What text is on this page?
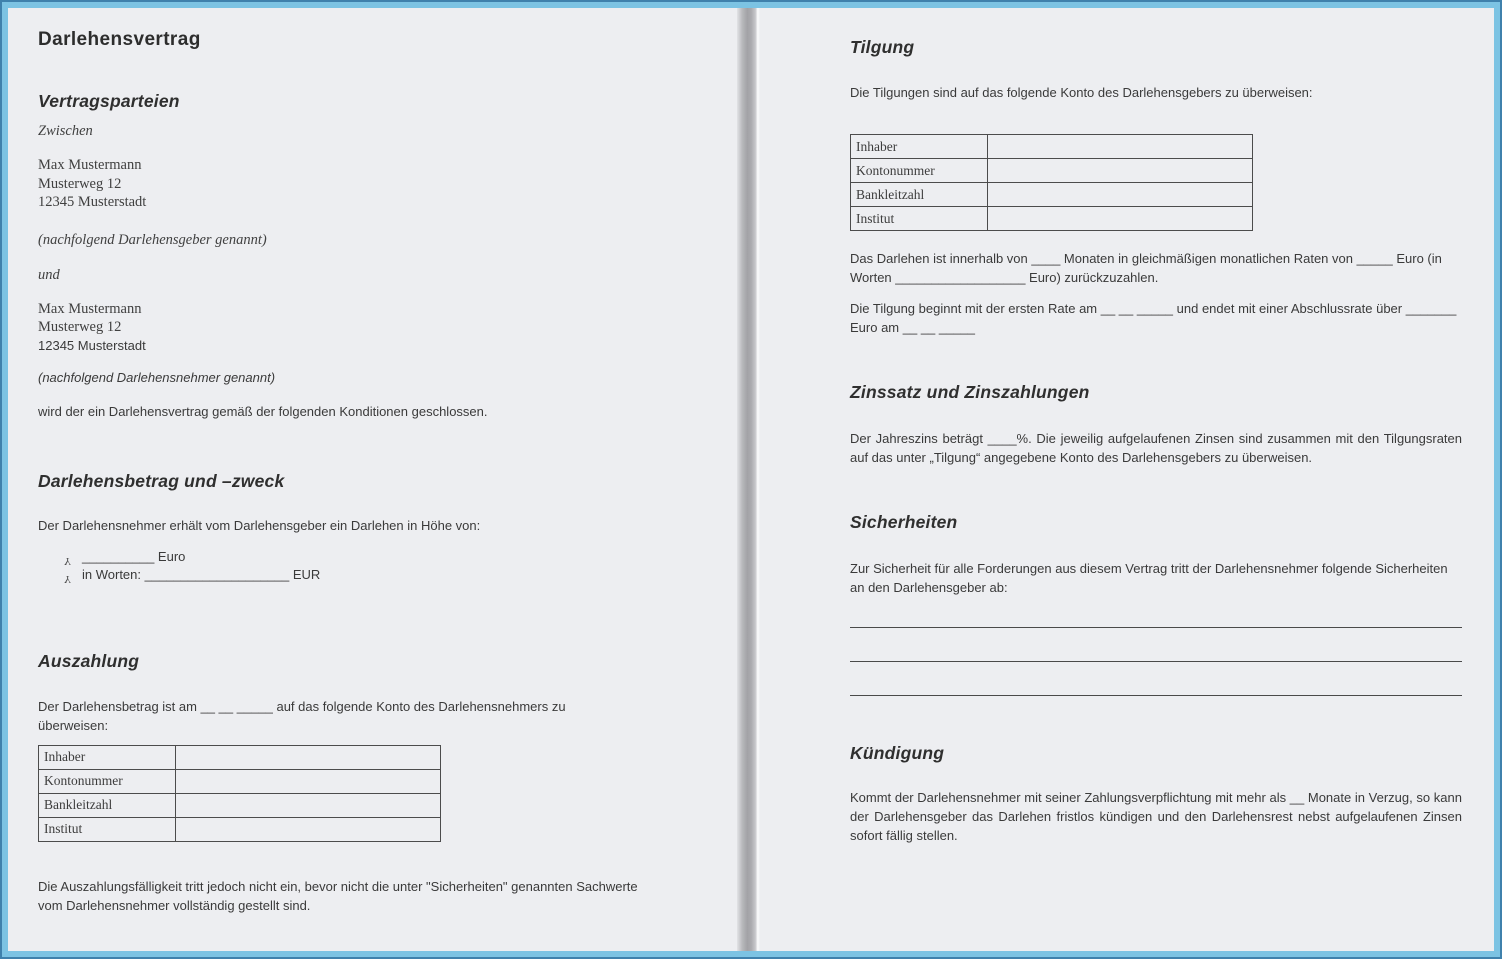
Darlehensvertrag
Vertragsparteien
Zwischen
Max Mustermann
Musterweg 12
12345 Musterstadt
(nachfolgend Darlehensgeber genannt)
und
Max Mustermann
Musterweg 12
12345 Musterstadt
(nachfolgend Darlehensnehmer genannt)
wird der ein Darlehensvertrag gemäß der folgenden Konditionen geschlossen.
Darlehensbetrag und –zweck
Der Darlehensnehmer erhält vom Darlehensgeber ein Darlehen in Höhe von:
Y __________ Euro
Y in Worten: ____________________ EUR
Auszahlung
Der Darlehensbetrag ist am __ __ _____ auf das folgende Konto des Darlehensnehmers zu überweisen:
Inhaber	
Kontonummer	
Bankleitzahl	
Institut	
Die Auszahlungsfälligkeit tritt jedoch nicht ein, bevor nicht die unter "Sicherheiten" genannten Sachwerte vom Darlehensnehmer vollständig gestellt sind.
Tilgung
Die Tilgungen sind auf das folgende Konto des Darlehensgebers zu überweisen:
Inhaber	
Kontonummer	
Bankleitzahl	
Institut	
Das Darlehen ist innerhalb von ____ Monaten in gleichmäßigen monatlichen Raten von _____ Euro (in Worten __________________ Euro) zurückzuzahlen.
Die Tilgung beginnt mit der ersten Rate am __ __ _____ und endet mit einer Abschlussrate über _______ Euro am __ __ _____
Zinssatz und Zinszahlungen
Der Jahreszins beträgt ____%. Die jeweilig aufgelaufenen Zinsen sind zusammen mit den Tilgungsraten auf das unter „Tilgung“ angegebene Konto des Darlehensgebers zu überweisen.
Sicherheiten
Zur Sicherheit für alle Forderungen aus diesem Vertrag tritt der Darlehensnehmer folgende Sicherheiten an den Darlehensgeber ab:
Kündigung
Kommt der Darlehensnehmer mit seiner Zahlungsverpflichtung mit mehr als __ Monate in Verzug, so kann der Darlehensgeber das Darlehen fristlos kündigen und den Darlehensrest nebst aufgelaufenen Zinsen sofort fällig stellen.
